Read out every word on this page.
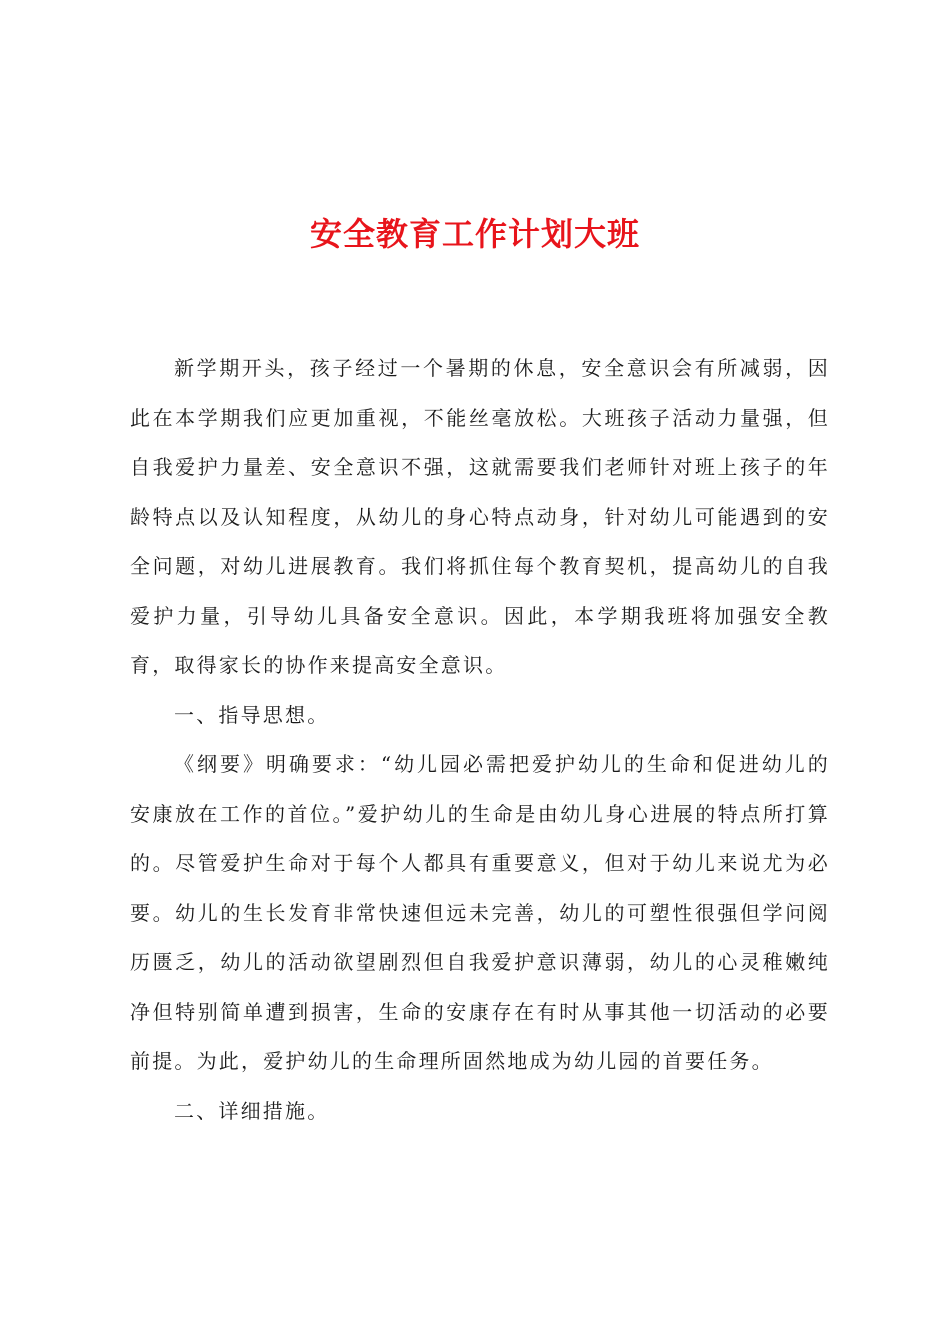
安全教育工作计划大班

新学期开头，孩子经过一个暑期的休息，安全意识会有所减弱，因此在本学期我们应更加重视，不能丝毫放松。大班孩子活动力量强，但自我爱护力量差、安全意识不强，这就需要我们老师针对班上孩子的年龄特点以及认知程度，从幼儿的身心特点动身，针对幼儿可能遇到的安全问题，对幼儿进展教育。我们将抓住每个教育契机，提高幼儿的自我爱护力量，引导幼儿具备安全意识。因此，本学期我班将加强安全教育，取得家长的协作来提高安全意识。

一、指导思想。

《纲要》明确要求：“幼儿园必需把爱护幼儿的生命和促进幼儿的安康放在工作的首位。”爱护幼儿的生命是由幼儿身心进展的特点所打算的。尽管爱护生命对于每个人都具有重要意义，但对于幼儿来说尤为必要。幼儿的生长发育非常快速但远未完善，幼儿的可塑性很强但学问阅历匮乏，幼儿的活动欲望剧烈但自我爱护意识薄弱，幼儿的心灵稚嫩纯净但特别简单遭到损害，生命的安康存在有时从事其他一切活动的必要前提。为此，爱护幼儿的生命理所固然地成为幼儿园的首要任务。

二、详细措施。
